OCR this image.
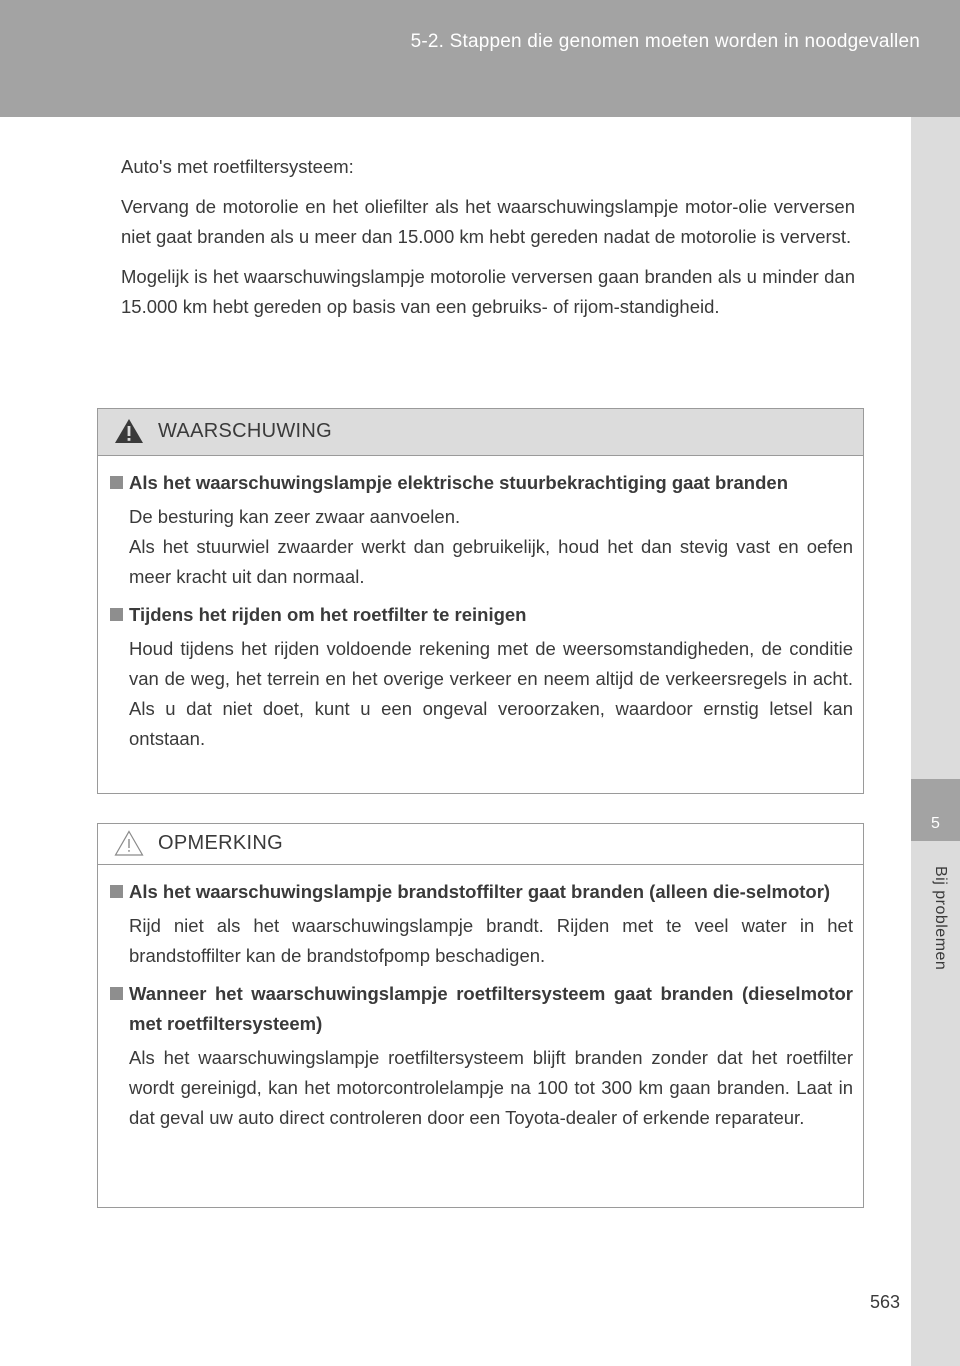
5-2. Stappen die genomen moeten worden in noodgevallen
5
Bij problemen

Auto's met roetfiltersysteem:

Vervang de motorolie en het oliefilter als het waarschuwingslampje motor-olie verversen niet gaat branden als u meer dan 15.000 km hebt gereden nadat de motorolie is ververst.

Mogelijk is het waarschuwingslampje motorolie verversen gaan branden als u minder dan 15.000 km hebt gereden op basis van een gebruiks- of rijom-standigheid.

WAARSCHUWING
Als het waarschuwingslampje elektrische stuurbekrachtiging gaat branden

De besturing kan zeer zwaar aanvoelen.

Als het stuurwiel zwaarder werkt dan gebruikelijk, houd het dan stevig vast en oefen meer kracht uit dan normaal.

Tijdens het rijden om het roetfilter te reinigen

Houd tijdens het rijden voldoende rekening met de weersomstandigheden, de conditie van de weg, het terrein en het overige verkeer en neem altijd de verkeersregels in acht. Als u dat niet doet, kunt u een ongeval veroorzaken, waardoor ernstig letsel kan ontstaan.

OPMERKING
Als het waarschuwingslampje brandstoffilter gaat branden (alleen die-selmotor)

Rijd niet als het waarschuwingslampje brandt. Rijden met te veel water in het brandstoffilter kan de brandstofpomp beschadigen.

Wanneer het waarschuwingslampje roetfiltersysteem gaat branden (dieselmotor met roetfiltersysteem)

Als het waarschuwingslampje roetfiltersysteem blijft branden zonder dat het roetfilter wordt gereinigd, kan het motorcontrolelampje na 100 tot 300 km gaan branden. Laat in dat geval uw auto direct controleren door een Toyota-dealer of erkende reparateur.

563
